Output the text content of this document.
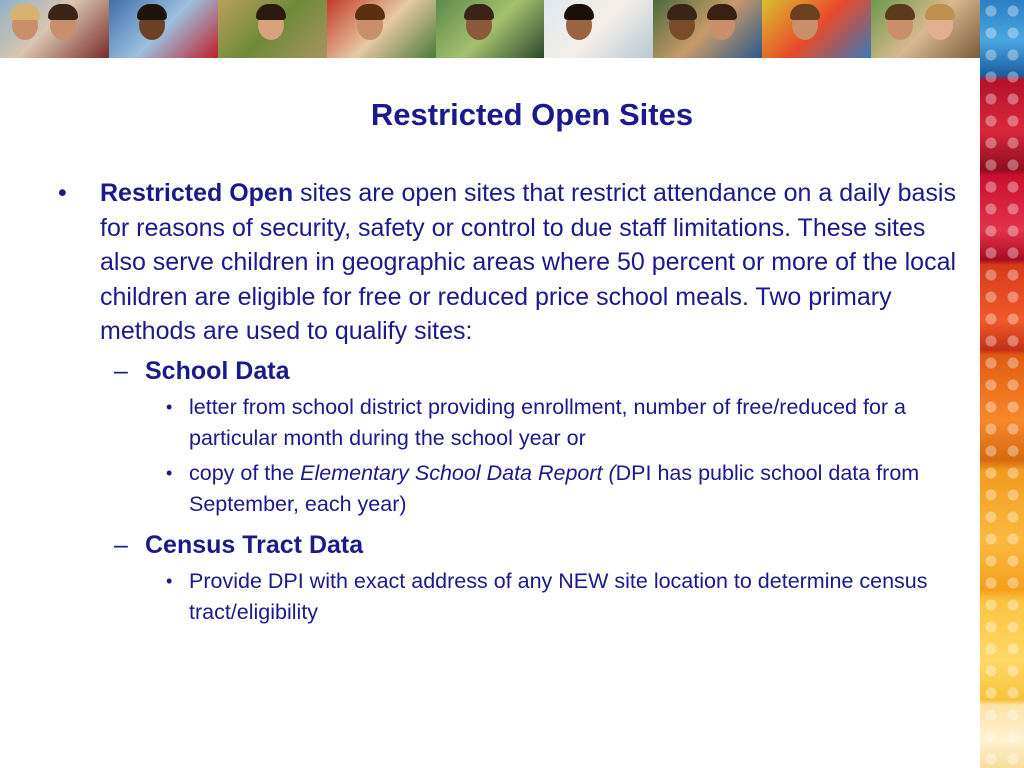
Restricted Open Sites
• Restricted Open sites are open sites that restrict attendance on a daily basis for reasons of security, safety or control to due staff limitations. These sites also serve children in geographic areas where 50 percent or more of the local children are eligible for free or reduced price school meals. Two primary methods are used to qualify sites:
– School Data
• letter from school district providing enrollment, number of free/reduced for a particular month during the school year or
• copy of the Elementary School Data Report (DPI has public school data from September, each year)
– Census Tract Data
• Provide DPI with exact address of any NEW site location to determine census tract/eligibility
